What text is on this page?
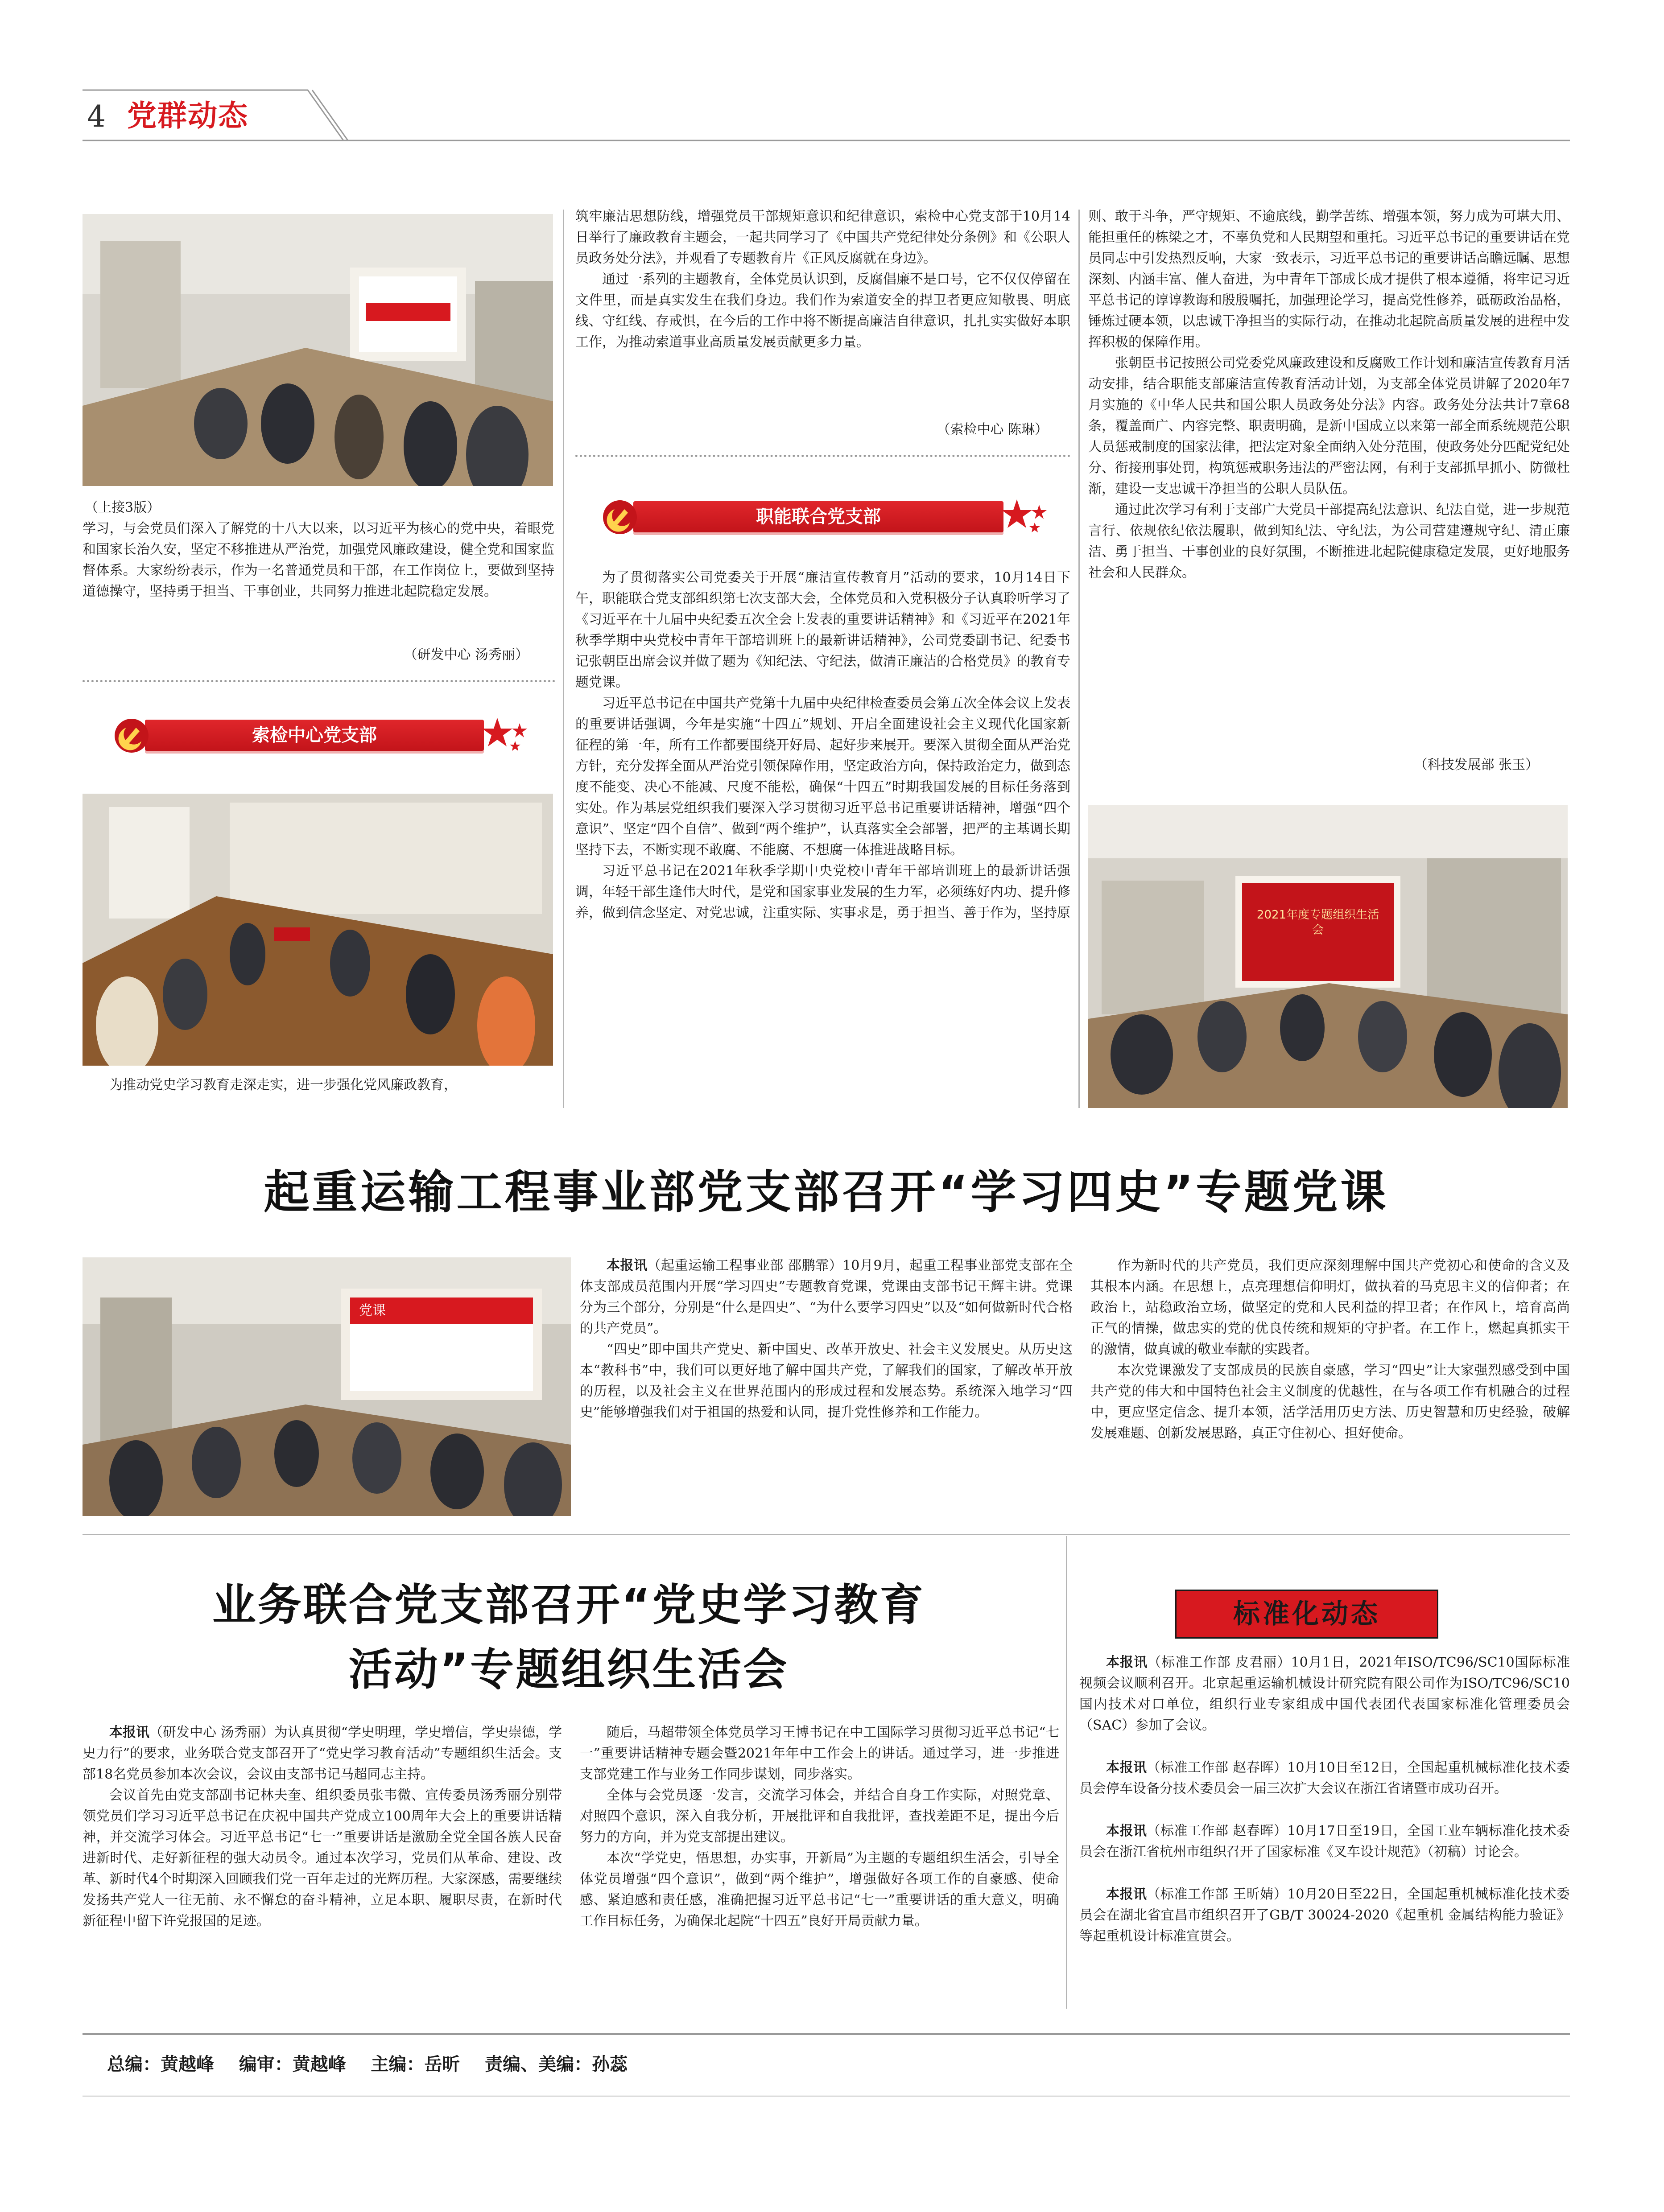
4 党群动态
（上接3版）

学习，与会党员们深入了解党的十八大以来，以习近平为核心的党中央，着眼党和国家长治久安，坚定不移推进从严治党，加强党风廉政建设，健全党和国家监督体系。大家纷纷表示，作为一名普通党员和干部，在工作岗位上，要做到坚持道德操守，坚持勇于担当、干事创业，共同努力推进北起院稳定发展。

（研发中心 汤秀丽）
索检中心党支部

为推动党史学习教育走深走实，进一步强化党风廉政教育，

筑牢廉洁思想防线，增强党员干部规矩意识和纪律意识，索检中心党支部于10月14日举行了廉政教育主题会，一起共同学习了《中国共产党纪律处分条例》和《公职人员政务处分法》，并观看了专题教育片《正风反腐就在身边》。

通过一系列的主题教育，全体党员认识到，反腐倡廉不是口号，它不仅仅停留在文件里，而是真实发生在我们身边。我们作为索道安全的捍卫者更应知敬畏、明底线、守红线、存戒惧，在今后的工作中将不断提高廉洁自律意识，扎扎实实做好本职工作，为推动索道事业高质量发展贡献更多力量。

（索检中心 陈琳）
职能联合党支部

为了贯彻落实公司党委关于开展“廉洁宣传教育月”活动的要求，10月14日下午，职能联合党支部组织第七次支部大会，全体党员和入党积极分子认真聆听学习了《习近平在十九届中央纪委五次全会上发表的重要讲话精神》和《习近平在2021年秋季学期中央党校中青年干部培训班上的最新讲话精神》，公司党委副书记、纪委书记张朝臣出席会议并做了题为《知纪法、守纪法，做清正廉洁的合格党员》的教育专题党课。

习近平总书记在中国共产党第十九届中央纪律检查委员会第五次全体会议上发表的重要讲话强调，今年是实施“十四五”规划、开启全面建设社会主义现代化国家新征程的第一年，所有工作都要围绕开好局、起好步来展开。要深入贯彻全面从严治党方针，充分发挥全面从严治党引领保障作用，坚定政治方向，保持政治定力，做到态度不能变、决心不能减、尺度不能松，确保“十四五”时期我国发展的目标任务落到实处。作为基层党组织我们要深入学习贯彻习近平总书记重要讲话精神，增强“四个意识”、坚定“四个自信”、做到“两个维护”，认真落实全会部署，把严的主基调长期坚持下去，不断实现不敢腐、不能腐、不想腐一体推进战略目标。

习近平总书记在2021年秋季学期中央党校中青年干部培训班上的最新讲话强调，年轻干部生逢伟大时代，是党和国家事业发展的生力军，必须练好内功、提升修养，做到信念坚定、对党忠诚，注重实际、实事求是，勇于担当、善于作为，坚持原

则、敢于斗争，严守规矩、不逾底线，勤学苦练、增强本领，努力成为可堪大用、能担重任的栋梁之才，不辜负党和人民期望和重托。习近平总书记的重要讲话在党员同志中引发热烈反响，大家一致表示，习近平总书记的重要讲话高瞻远瞩、思想深刻、内涵丰富、催人奋进，为中青年干部成长成才提供了根本遵循，将牢记习近平总书记的谆谆教诲和殷殷嘱托，加强理论学习，提高党性修养，砥砺政治品格，锤炼过硬本领，以忠诚干净担当的实际行动，在推动北起院高质量发展的进程中发挥积极的保障作用。

张朝臣书记按照公司党委党风廉政建设和反腐败工作计划和廉洁宣传教育月活动安排，结合职能支部廉洁宣传教育活动计划，为支部全体党员讲解了2020年7月实施的《中华人民共和国公职人员政务处分法》内容。政务处分法共计7章68条，覆盖面广、内容完整、职责明确，是新中国成立以来第一部全面系统规范公职人员惩戒制度的国家法律，把法定对象全面纳入处分范围，使政务处分匹配党纪处分、衔接刑事处罚，构筑惩戒职务违法的严密法网，有利于支部抓早抓小、防微杜渐，建设一支忠诚干净担当的公职人员队伍。

通过此次学习有利于支部广大党员干部提高纪法意识、纪法自觉，进一步规范言行、依规依纪依法履职，做到知纪法、守纪法，为公司营建遵规守纪、清正廉洁、勇于担当、干事创业的良好氛围，不断推进北起院健康稳定发展，更好地服务社会和人民群众。

（科技发展部 张玉）
2021年度专题组织生活会
起重运输工程事业部党支部召开“学习四史”专题党课
党课

本报讯（起重运输工程事业部 邵鹏霏）10月9月，起重工程事业部党支部在全体支部成员范围内开展“学习四史”专题教育党课，党课由支部书记王辉主讲。党课分为三个部分，分别是“什么是四史”、“为什么要学习四史”以及“如何做新时代合格的共产党员”。

“四史”即中国共产党史、新中国史、改革开放史、社会主义发展史。从历史这本“教科书”中，我们可以更好地了解中国共产党，了解我们的国家，了解改革开放的历程，以及社会主义在世界范围内的形成过程和发展态势。系统深入地学习“四史”能够增强我们对于祖国的热爱和认同，提升党性修养和工作能力。

作为新时代的共产党员，我们更应深刻理解中国共产党初心和使命的含义及其根本内涵。在思想上，点亮理想信仰明灯，做执着的马克思主义的信仰者；在政治上，站稳政治立场，做坚定的党和人民利益的捍卫者；在作风上，培育高尚正气的情操，做忠实的党的优良传统和规矩的守护者。在工作上，燃起真抓实干的激情，做真诚的敬业奉献的实践者。

本次党课激发了支部成员的民族自豪感，学习“四史”让大家强烈感受到中国共产党的伟大和中国特色社会主义制度的优越性，在与各项工作有机融合的过程中，更应坚定信念、提升本领，活学活用历史方法、历史智慧和历史经验，破解发展难题、创新发展思路，真正守住初心、担好使命。

业务联合党支部召开“党史学习教育
活动”专题组织生活会

本报讯（研发中心 汤秀丽）为认真贯彻“学史明理，学史增信，学史崇德，学史力行”的要求，业务联合党支部召开了“党史学习教育活动”专题组织生活会。支部18名党员参加本次会议，会议由支部书记马超同志主持。

会议首先由党支部副书记林夫奎、组织委员张韦微、宣传委员汤秀丽分别带领党员们学习习近平总书记在庆祝中国共产党成立100周年大会上的重要讲话精神，并交流学习体会。习近平总书记“七一”重要讲话是激励全党全国各族人民奋进新时代、走好新征程的强大动员令。通过本次学习，党员们从革命、建设、改革、新时代4个时期深入回顾我们党一百年走过的光辉历程。大家深感，需要继续发扬共产党人一往无前、永不懈怠的奋斗精神，立足本职、履职尽责，在新时代新征程中留下许党报国的足迹。

随后，马超带领全体党员学习王博书记在中工国际学习贯彻习近平总书记“七一”重要讲话精神专题会暨2021年年中工作会上的讲话。通过学习，进一步推进支部党建工作与业务工作同步谋划，同步落实。

全体与会党员逐一发言，交流学习体会，并结合自身工作实际，对照党章、对照四个意识，深入自我分析，开展批评和自我批评，查找差距不足，提出今后努力的方向，并为党支部提出建议。

本次“学党史，悟思想，办实事，开新局”为主题的专题组织生活会，引导全体党员增强“四个意识”，做到“两个维护”，增强做好各项工作的自豪感、使命感、紧迫感和责任感，准确把握习近平总书记“七一”重要讲话的重大意义，明确工作目标任务，为确保北起院“十四五”良好开局贡献力量。

标准化动态

本报讯（标准工作部 皮君丽）10月1日，2021年ISO/TC96/SC10国际标准视频会议顺利召开。北京起重运输机械设计研究院有限公司作为ISO/TC96/SC10国内技术对口单位，组织行业专家组成中国代表团代表国家标准化管理委员会（SAC）参加了会议。

本报讯（标准工作部 赵春晖）10月10日至12日，全国起重机械标准化技术委员会停车设备分技术委员会一届三次扩大会议在浙江省诸暨市成功召开。

本报讯（标准工作部 赵春晖）10月17日至19日，全国工业车辆标准化技术委员会在浙江省杭州市组织召开了国家标准《叉车设计规范》（初稿）讨论会。

本报讯（标准工作部 王昕婧）10月20日至22日，全国起重机械标准化技术委员会在湖北省宜昌市组织召开了GB/T 30024-2020《起重机 金属结构能力验证》等起重机设计标准宣贯会。

总编：黄越峰    编审：黄越峰    主编：岳昕    责编、美编：孙蕊
